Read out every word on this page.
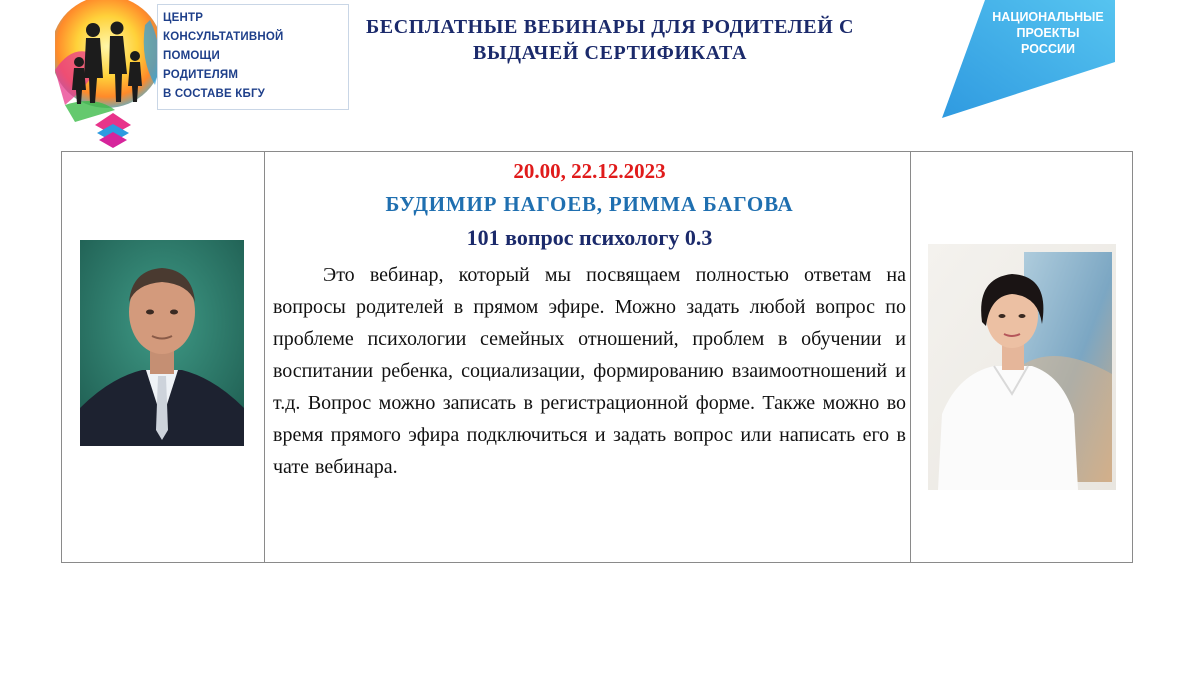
ЦЕНТР
КОНСУЛЬТАТИВНОЙ
ПОМОЩИ
РОДИТЕЛЯМ
В СОСТАВЕ КБГУ
БЕСПЛАТНЫЕ ВЕБИНАРЫ ДЛЯ РОДИТЕЛЕЙ С
ВЫДАЧЕЙ СЕРТИФИКАТА
НАЦИОНАЛЬНЫЕ
ПРОЕКТЫ
РОССИИ
20.00, 22.12.2023
БУДИМИР НАГОЕВ, РИММА БАГОВА
101 вопрос психологу 0.3

Это вебинар, который мы посвящаем полностью ответам на вопросы родителей в прямом эфире. Можно задать любой вопрос по проблеме психологии семейных отношений, проблем в обучении и воспитании ребенка, социализации, формированию взаимоотношений и т.д. Вопрос можно записать в регистрационной форме. Также можно во время прямого эфира подключиться и задать вопрос или написать его в чате вебинара.
